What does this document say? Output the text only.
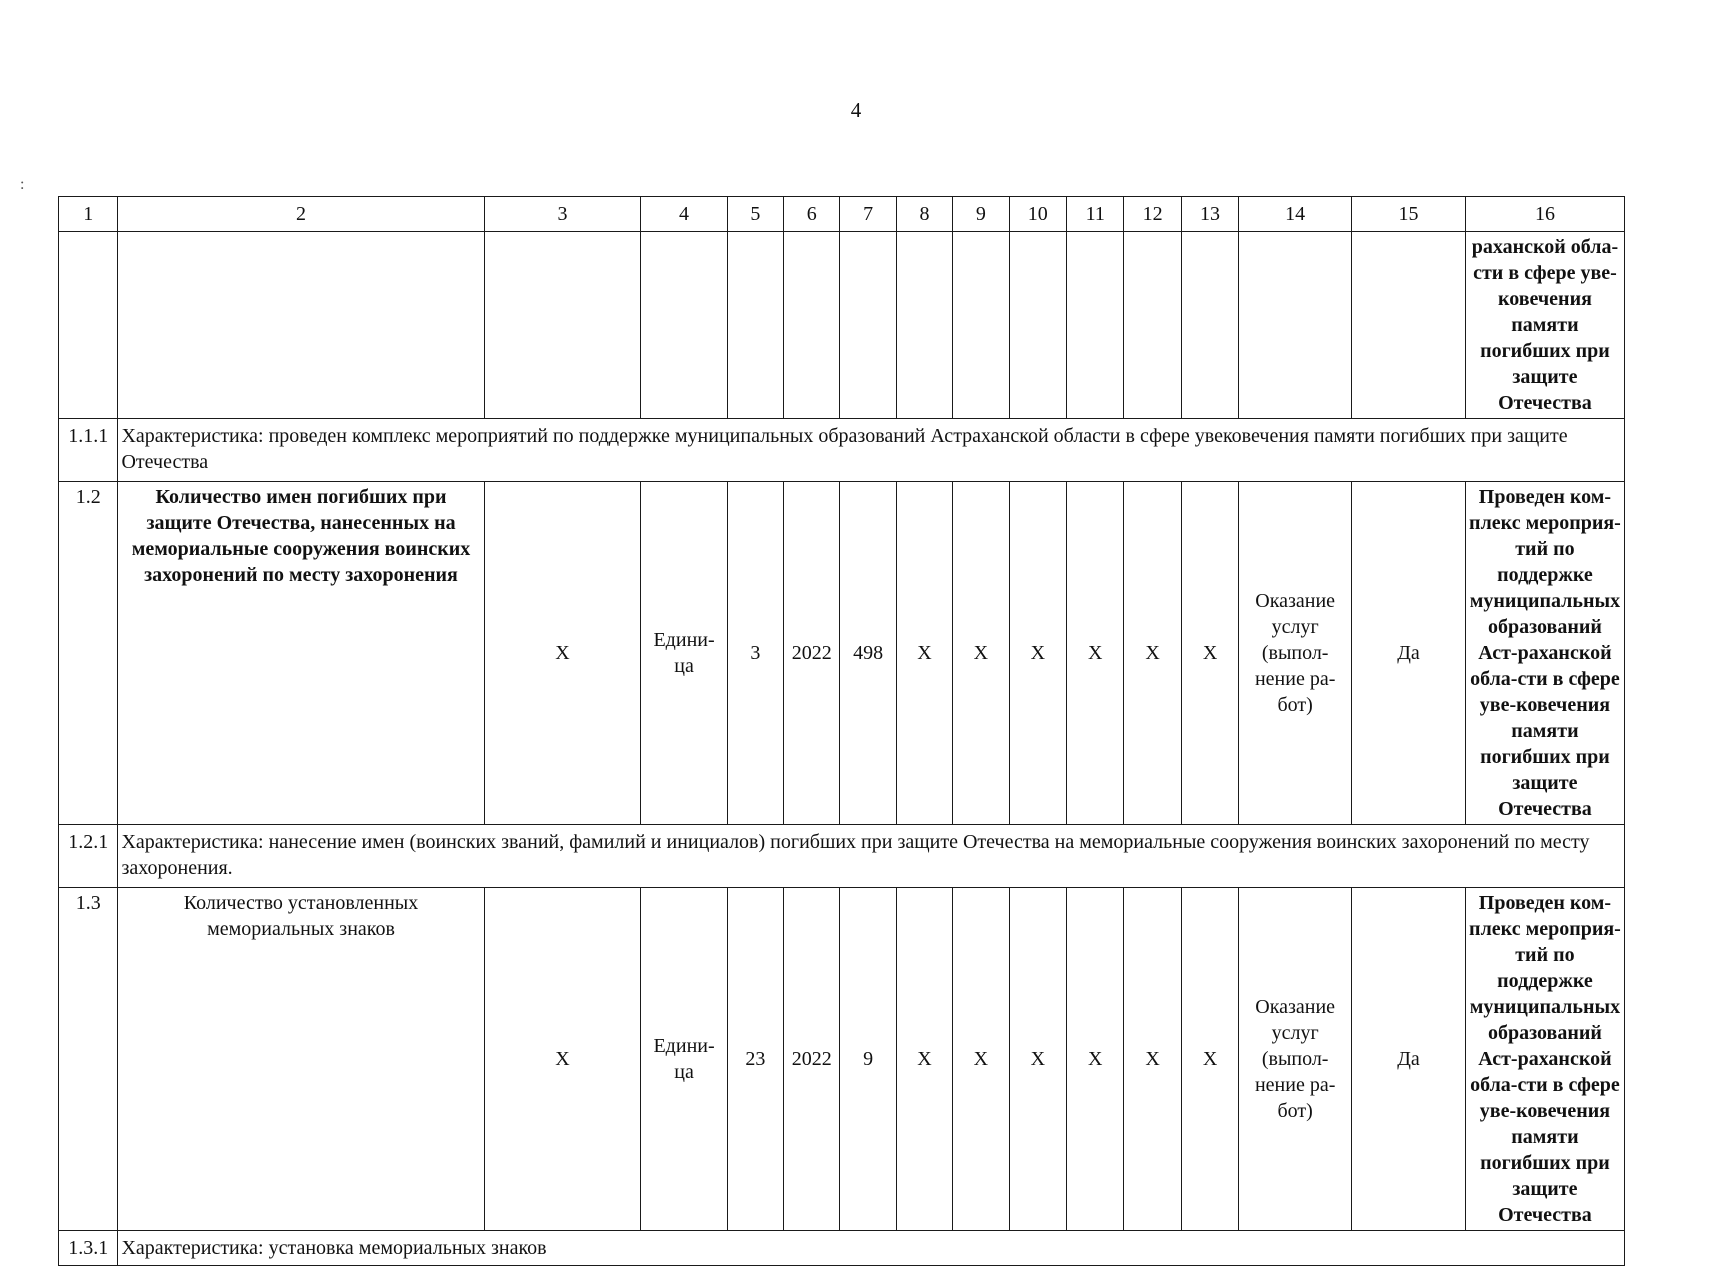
4
:
1	2	3	4	5	6	7	8	9	10	11	12	13	14	15	16
															раханской обла-сти в сфере уве-ковечения памяти погибших при защите Отечества
1.1.1	Характеристика: проведен комплекс мероприятий по поддержке муниципальных образований Астраханской области в сфере увековечения памяти погибших при защите Отечества														
1.2	Количество имен погибших при защите Отечества, нанесенных на мемориальные сооружения воинских захоронений по месту захоронения	X	Едини-ца	3	2022	498	X	X	X	X	X	X	Оказание услуг (выпол-нение ра-бот)	Да	Проведен ком-плекс мероприя-тий по поддержке муниципальных образований Аст-раханской обла-сти в сфере уве-ковечения памяти погибших при защите Отечества
1.2.1	Характеристика: нанесение имен (воинских званий, фамилий и инициалов) погибших при защите Отечества на мемориальные сооружения воинских захоронений по месту захоронения.														
1.3	Количество установленных мемориальных знаков	X	Едини-ца	23	2022	9	X	X	X	X	X	X	Оказание услуг (выпол-нение ра-бот)	Да	Проведен ком-плекс мероприя-тий по поддержке муниципальных образований Аст-раханской обла-сти в сфере уве-ковечения памяти погибших при защите Отечества
1.3.1	Характеристика: установка мемориальных знаков														
